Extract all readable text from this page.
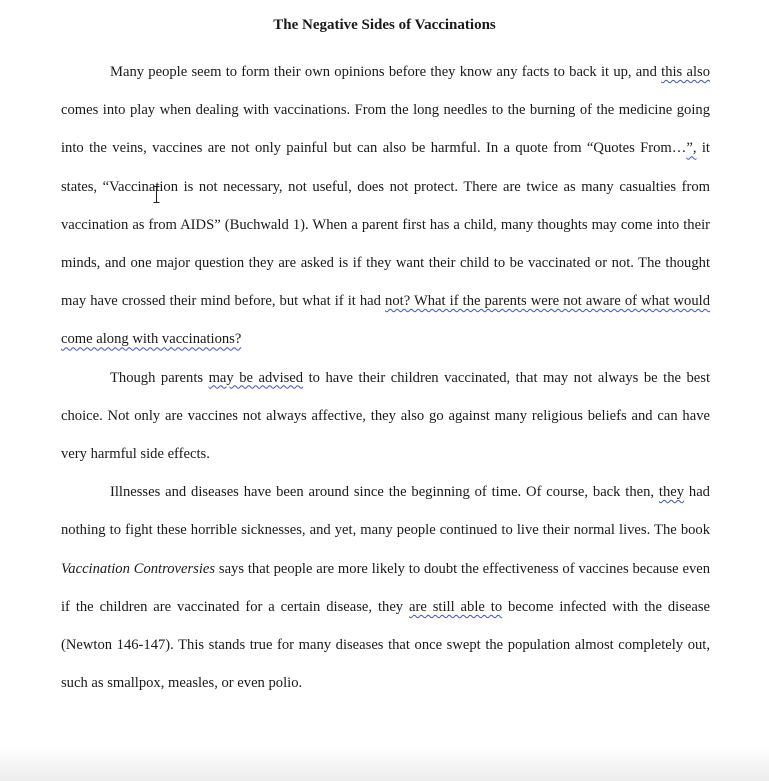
The Negative Sides of Vaccinations

Many people seem to form their own opinions before they know any facts to back it up, and this also comes into play when dealing with vaccinations. From the long needles to the burning of the medicine going into the veins, vaccines are not only painful but can also be harmful. In a quote from “Quotes From…”, it states, “Vaccination is not necessary, not useful, does not protect. There are twice as many casualties from vaccination as from AIDS” (Buchwald 1). When a parent first has a child, many thoughts may come into their minds, and one major question they are asked is if they want their child to be vaccinated or not. The thought may have crossed their mind before, but what if it had not? What if the parents were not aware of what would come along with vaccinations?

Though parents may be advised to have their children vaccinated, that may not always be the best choice. Not only are vaccines not always affective, they also go against many religious beliefs and can have very harmful side effects.

Illnesses and diseases have been around since the beginning of time. Of course, back then, they had nothing to fight these horrible sicknesses, and yet, many people continued to live their normal lives. The book Vaccination Controversies says that people are more likely to doubt the effectiveness of vaccines because even if the children are vaccinated for a certain disease, they are still able to become infected with the disease (Newton 146-147). This stands true for many diseases that once swept the population almost completely out, such as smallpox, measles, or even polio.
